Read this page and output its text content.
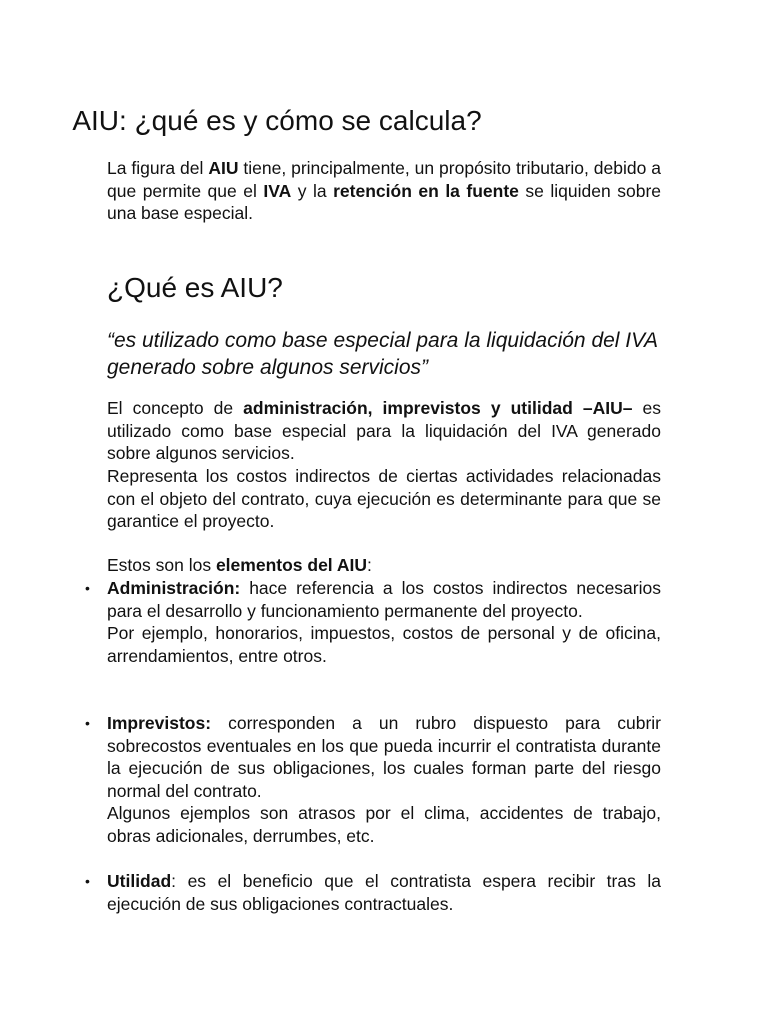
AIU: ¿qué es y cómo se calcula?

La figura del AIU tiene, principalmente, un propósito tributario, debido a que permite que el IVA y la retención en la fuente se liquiden sobre una base especial.

¿Qué es AIU?

“es utilizado como base especial para la liquidación del IVA generado sobre algunos servicios”

El concepto de administración, imprevistos y utilidad –AIU– es utilizado como base especial para la liquidación del IVA generado sobre algunos servicios.

Representa los costos indirectos de ciertas actividades relacionadas con el objeto del contrato, cuya ejecución es determinante para que se garantice el proyecto.

Estos son los elementos del AIU:

• Administración: hace referencia a los costos indirectos necesarios para el desarrollo y funcionamiento permanente del proyecto.

Por ejemplo, honorarios, impuestos, costos de personal y de oficina, arrendamientos, entre otros.

• Imprevistos: corresponden a un rubro dispuesto para cubrir sobrecostos eventuales en los que pueda incurrir el contratista durante la ejecución de sus obligaciones, los cuales forman parte del riesgo normal del contrato.

Algunos ejemplos son atrasos por el clima, accidentes de trabajo, obras adicionales, derrumbes, etc.

• Utilidad: es el beneficio que el contratista espera recibir tras la ejecución de sus obligaciones contractuales.
